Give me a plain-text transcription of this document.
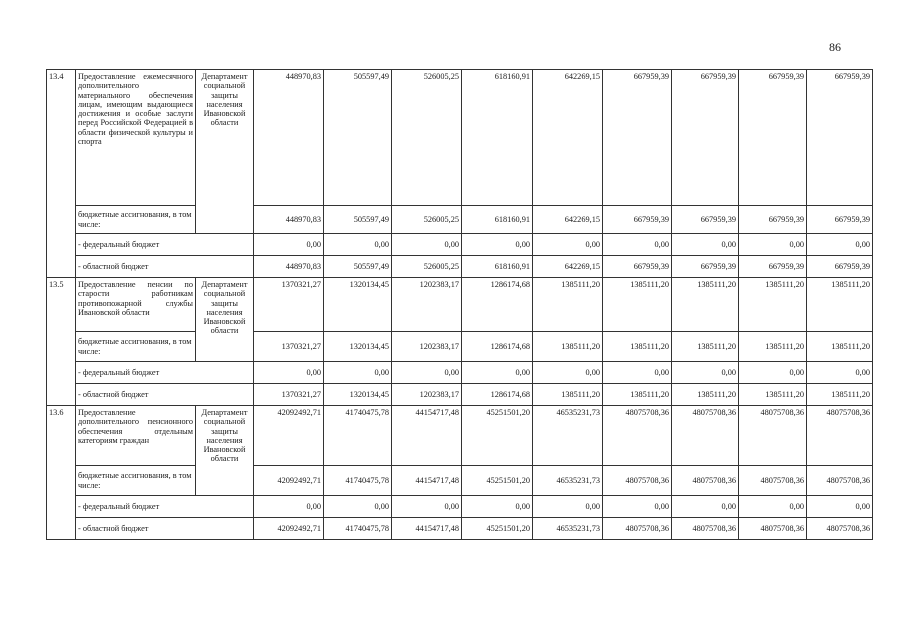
86
13.4	Предоставление ежемесячного дополнительного материального обеспечения лицам, имеющим выдающиеся достижения и особые заслуги перед Российской Федерацией в области физической культуры и спорта	Департамент социальной защиты населения Ивановской области	448970,83	505597,49	526005,25	618160,91	642269,15	667959,39	667959,39	667959,39	667959,39
	бюджетные ассигнования, в том числе:		448970,83	505597,49	526005,25	618160,91	642269,15	667959,39	667959,39	667959,39	667959,39
	- федеральный бюджет		0,00	0,00	0,00	0,00	0,00	0,00	0,00	0,00	0,00
	- областной бюджет		448970,83	505597,49	526005,25	618160,91	642269,15	667959,39	667959,39	667959,39	667959,39
13.5	Предоставление пенсии по старости работникам противопожарной службы Ивановской области	Департамент социальной защиты населения Ивановской области	1370321,27	1320134,45	1202383,17	1286174,68	1385111,20	1385111,20	1385111,20	1385111,20	1385111,20
	бюджетные ассигнования, в том числе:		1370321,27	1320134,45	1202383,17	1286174,68	1385111,20	1385111,20	1385111,20	1385111,20	1385111,20
	- федеральный бюджет		0,00	0,00	0,00	0,00	0,00	0,00	0,00	0,00	0,00
	- областной бюджет		1370321,27	1320134,45	1202383,17	1286174,68	1385111,20	1385111,20	1385111,20	1385111,20	1385111,20
13.6	Предоставление дополнительного пенсионного обеспечения отдельным категориям граждан	Департамент социальной защиты населения Ивановской области	42092492,71	41740475,78	44154717,48	45251501,20	46535231,73	48075708,36	48075708,36	48075708,36	48075708,36
	бюджетные ассигнования, в том числе:		42092492,71	41740475,78	44154717,48	45251501,20	46535231,73	48075708,36	48075708,36	48075708,36	48075708,36
	- федеральный бюджет		0,00	0,00	0,00	0,00	0,00	0,00	0,00	0,00	0,00
	- областной бюджет		42092492,71	41740475,78	44154717,48	45251501,20	46535231,73	48075708,36	48075708,36	48075708,36	48075708,36
